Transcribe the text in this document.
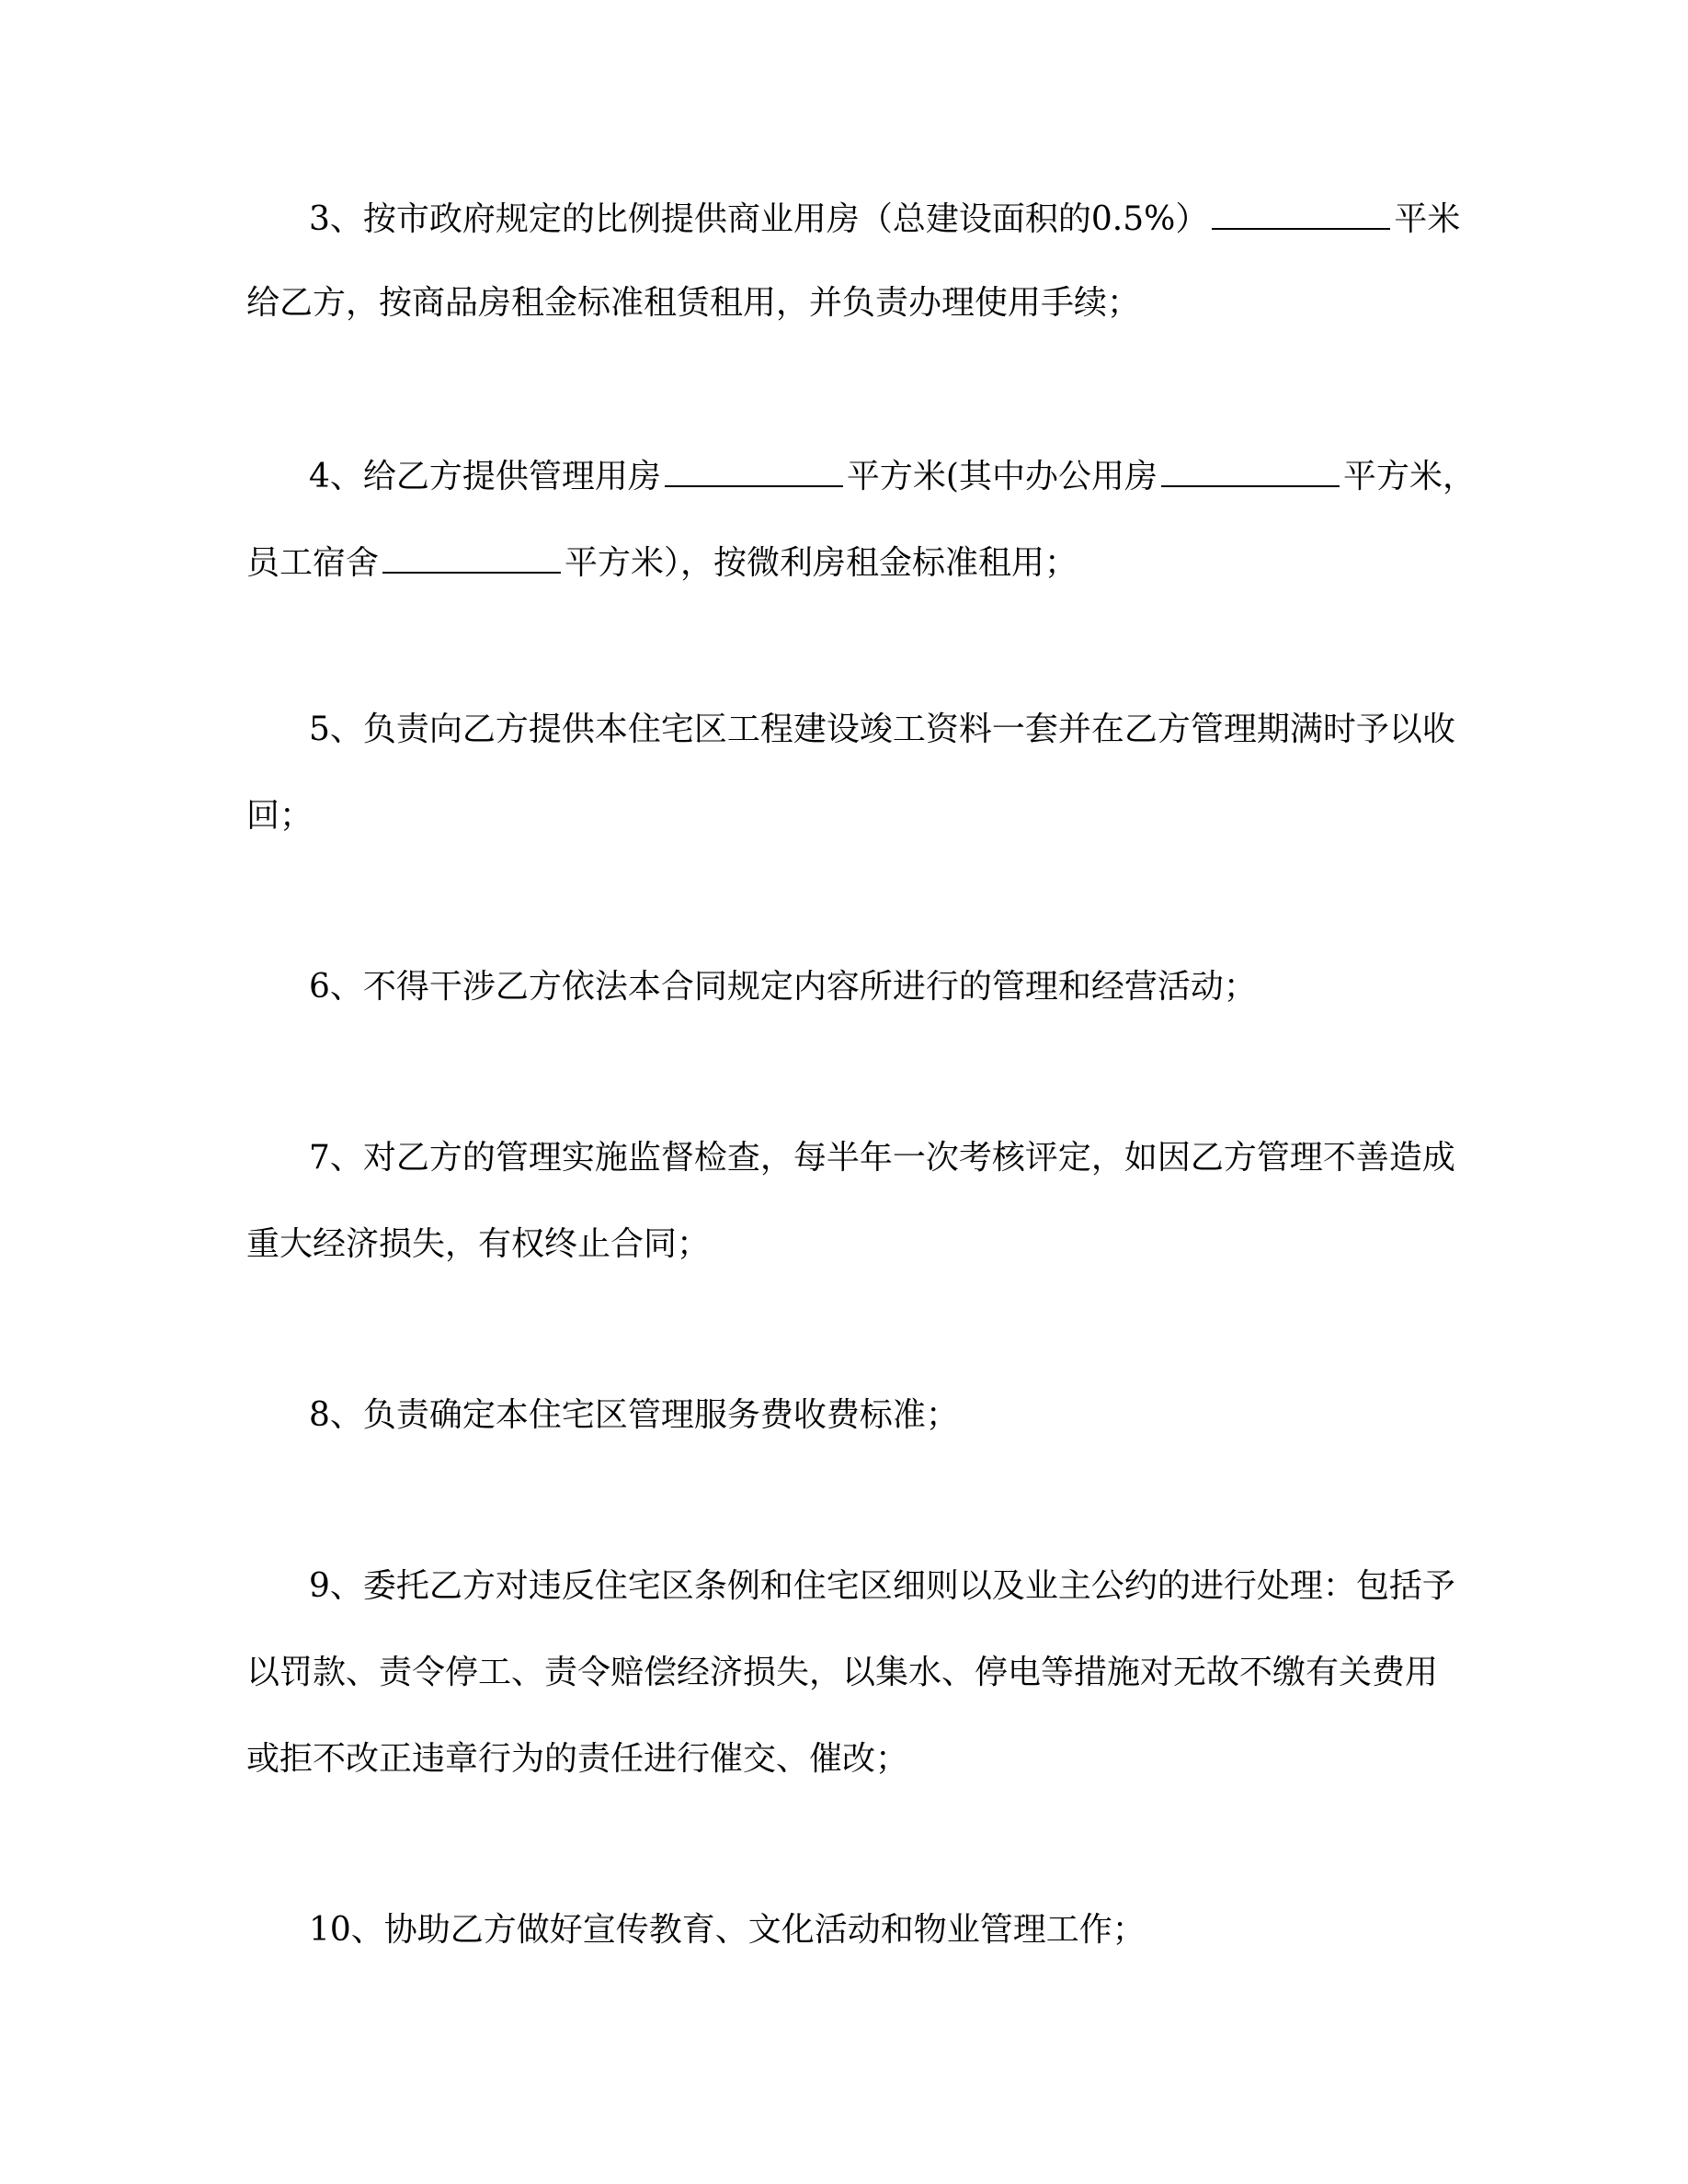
3、按市政府规定的比例提供商业用房（总建设面积的0.5%）	平米
给乙方，按商品房租金标准租赁租用，并负责办理使用手续；
4、给乙方提供管理用房	平方米(其中办公用房	平方米，
员工宿舍	平方米），按微利房租金标准租用；
5、负责向乙方提供本住宅区工程建设竣工资料一套并在乙方管理期满时予以收
回；
6、不得干涉乙方依法本合同规定内容所进行的管理和经营活动；
7、对乙方的管理实施监督检查，每半年一次考核评定，如因乙方管理不善造成
重大经济损失，有权终止合同；
8、负责确定本住宅区管理服务费收费标准；
9、委托乙方对违反住宅区条例和住宅区细则以及业主公约的进行处理：包括予
以罚款、责令停工、责令赔偿经济损失，以集水、停电等措施对无故不缴有关费用
或拒不改正违章行为的责任进行催交、催改；
10、协助乙方做好宣传教育、文化活动和物业管理工作；
